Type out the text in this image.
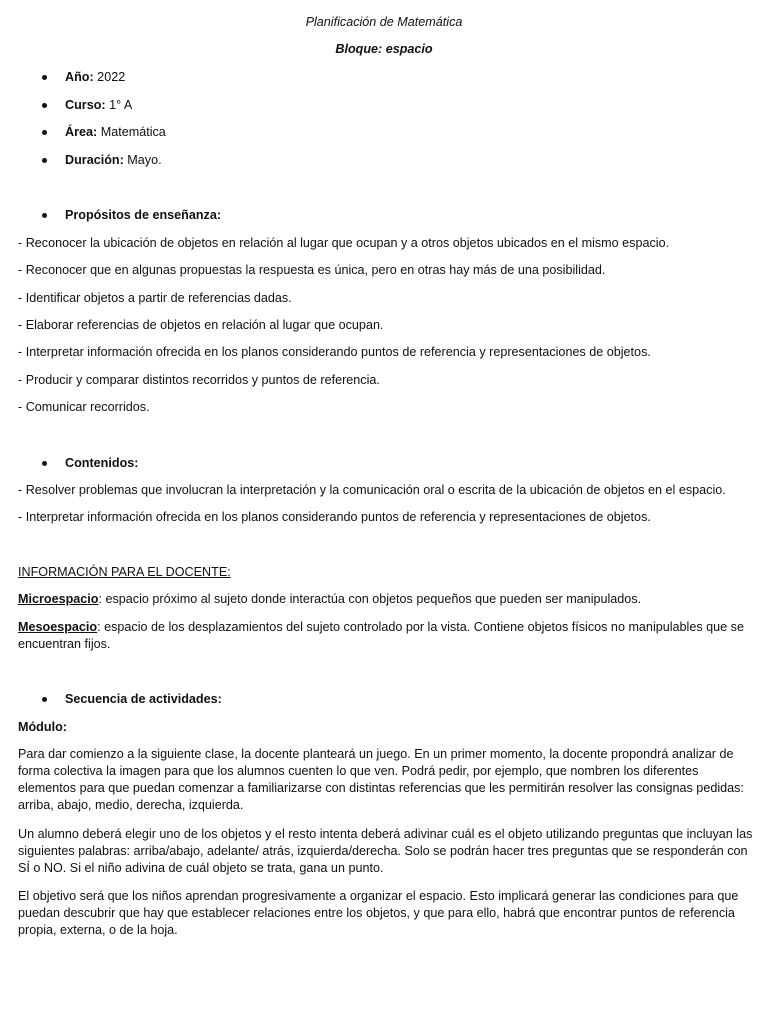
Planificación de Matemática
Bloque: espacio
Año: 2022
Curso: 1° A
Área: Matemática
Duración: Mayo.
Propósitos de enseñanza:
- Reconocer la ubicación de objetos en relación al lugar que ocupan y a otros objetos ubicados en el mismo espacio.
- Reconocer que en algunas propuestas la respuesta es única, pero en otras hay más de una posibilidad.
- Identificar objetos a partir de referencias dadas.
- Elaborar referencias de objetos en relación al lugar que ocupan.
- Interpretar información ofrecida en los planos considerando puntos de referencia y representaciones de objetos.
- Producir y comparar distintos recorridos y puntos de referencia.
- Comunicar recorridos.
Contenidos:
- Resolver problemas que involucran la interpretación y la comunicación oral o escrita de la ubicación de objetos en el espacio.
- Interpretar información ofrecida en los planos considerando puntos de referencia y representaciones de objetos.
INFORMACIÓN PARA EL DOCENTE:
Microespacio: espacio próximo al sujeto donde interactúa con objetos pequeños que pueden ser manipulados.
Mesoespacio: espacio de los desplazamientos del sujeto controlado por la vista. Contiene objetos físicos no manipulables que se encuentran fijos.
Secuencia de actividades:
Módulo:
Para dar comienzo a la siguiente clase, la docente planteará un juego. En un primer momento, la docente propondrá analizar de forma colectiva la imagen para que los alumnos cuenten lo que ven. Podrá pedir, por ejemplo, que nombren los diferentes elementos para que puedan comenzar a familiarizarse con distintas referencias que les permitirán resolver las consignas pedidas: arriba, abajo, medio, derecha, izquierda.
Un alumno deberá elegir uno de los objetos y el resto intenta deberá adivinar cuál es el objeto utilizando preguntas que incluyan las siguientes palabras: arriba/abajo, adelante/ atrás, izquierda/derecha. Solo se podrán hacer tres preguntas que se responderán con SÍ o NO. Si el niño adivina de cuál objeto se trata, gana un punto.
El objetivo será que los niños aprendan progresivamente a organizar el espacio. Esto implicará generar las condiciones para que puedan descubrir que hay que establecer relaciones entre los objetos, y que para ello, habrá que encontrar puntos de referencia propia, externa, o de la hoja.
